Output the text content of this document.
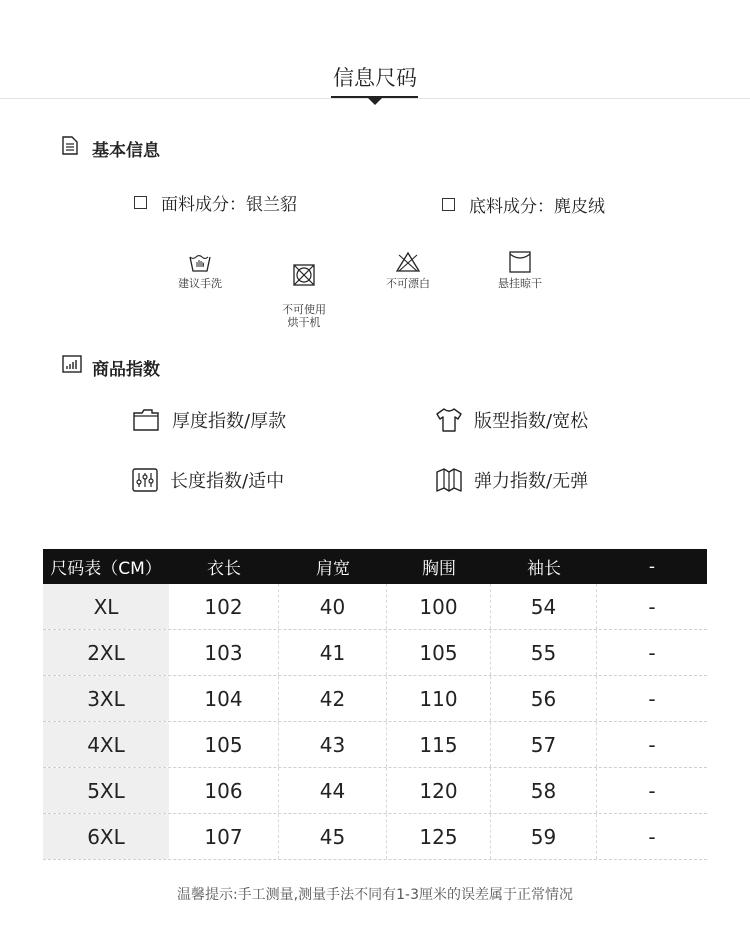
信息尺码
基本信息
面料成分：银兰貂	底料成分：麂皮绒
建议手洗

不可使用
烘干机

不可漂白	悬挂晾干
商品指数
厚度指数/厚款	版型指数/宽松
长度指数/适中	弹力指数/无弹
尺码表（CM）	衣长	肩宽	胸围	袖长	-
XL	102	40	100	54	-
2XL	103	41	105	55	-
3XL	104	42	110	56	-
4XL	105	43	115	57	-
5XL	106	44	120	58	-
6XL	107	45	125	59	-
温馨提示:手工测量,测量手法不同有1-3厘米的误差属于正常情况
